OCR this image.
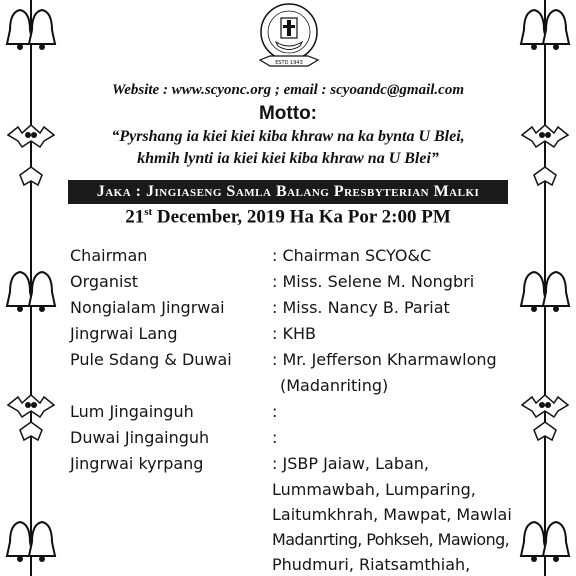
ESTD 1943
Website : www.scyonc.org ; email : scyoandc@gmail.com
Motto:
“Pyrshang ia kiei kiei kiba khraw na ka bynta U Blei,
khmih lynti ia kiei kiei kiba khraw na U Blei”
Jaka : Jingiaseng Samla Balang Presbyterian Malki
21st December, 2019 Ha Ka Por 2:00 PM
Chairman	: Chairman SCYO&C
Organist	: Miss. Selene M. Nongbri
Nongialam Jingrwai	: Miss. Nancy B. Pariat
Jingrwai Lang	: KHB
Pule Sdang & Duwai	: Mr. Jefferson Kharmawlong
(Madanriting)
Lum Jingainguh	:
Duwai Jingainguh	:
Jingrwai kyrpang	: JSBP Jaiaw, Laban,
Lummawbah, Lumparing,
Laitumkhrah, Mawpat, Mawlai
Madanrting, Pohkseh, Mawiong,
Phudmuri, Riatsamthiah,
